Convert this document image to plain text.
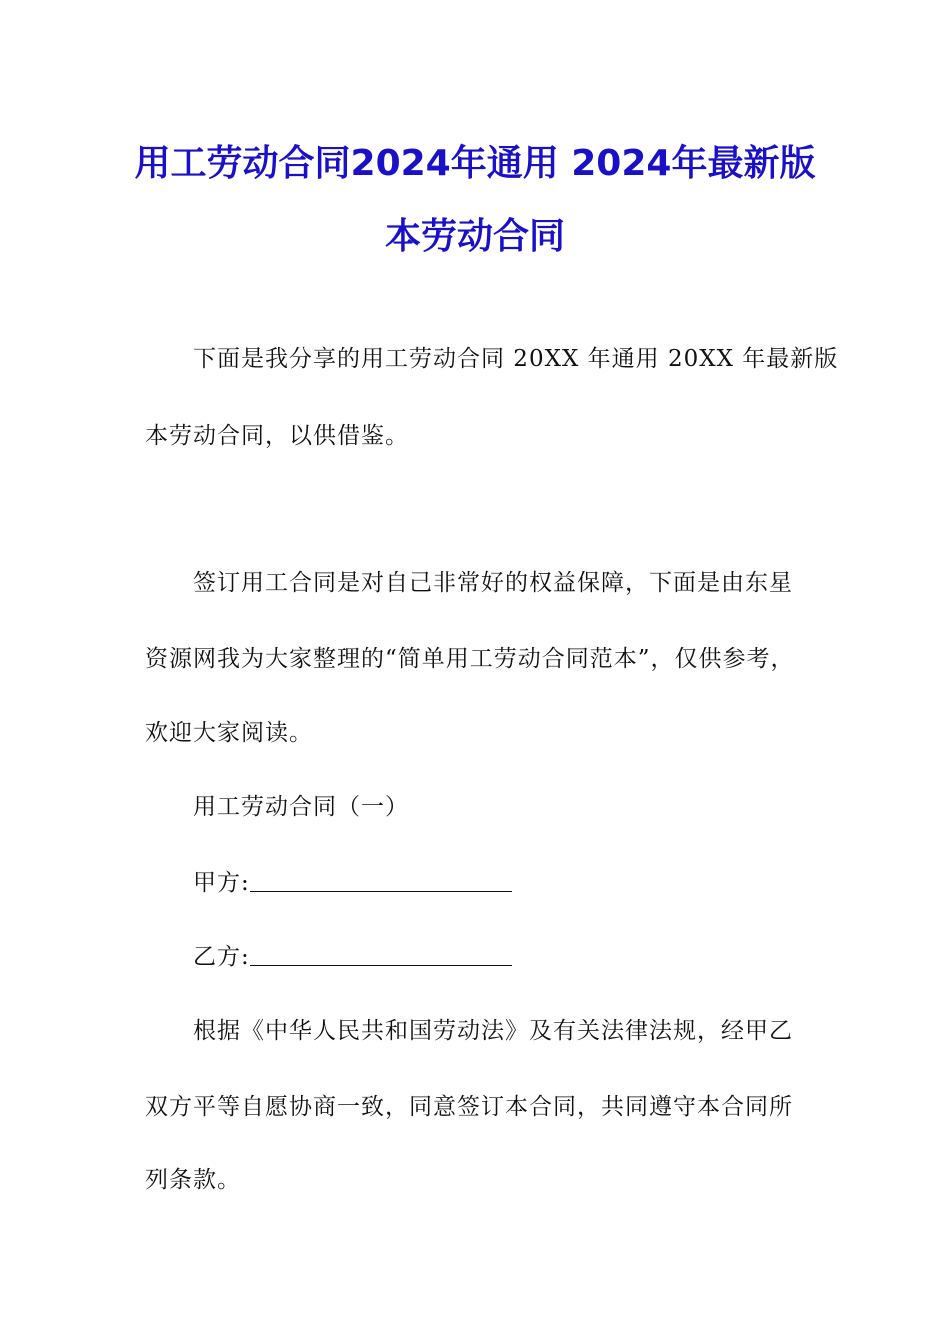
用工劳动合同2024年通用 2024年最新版
本劳动合同
下面是我分享的用工劳动合同 20XX 年通用 20XX 年最新版
本劳动合同，以供借鉴。
签订用工合同是对自己非常好的权益保障，下面是由东星
资源网我为大家整理的“简单用工劳动合同范本”，仅供参考，
欢迎大家阅读。
用工劳动合同（一）
甲方:
乙方:
根据《中华人民共和国劳动法》及有关法律法规，经甲乙
双方平等自愿协商一致，同意签订本合同，共同遵守本合同所
列条款。
